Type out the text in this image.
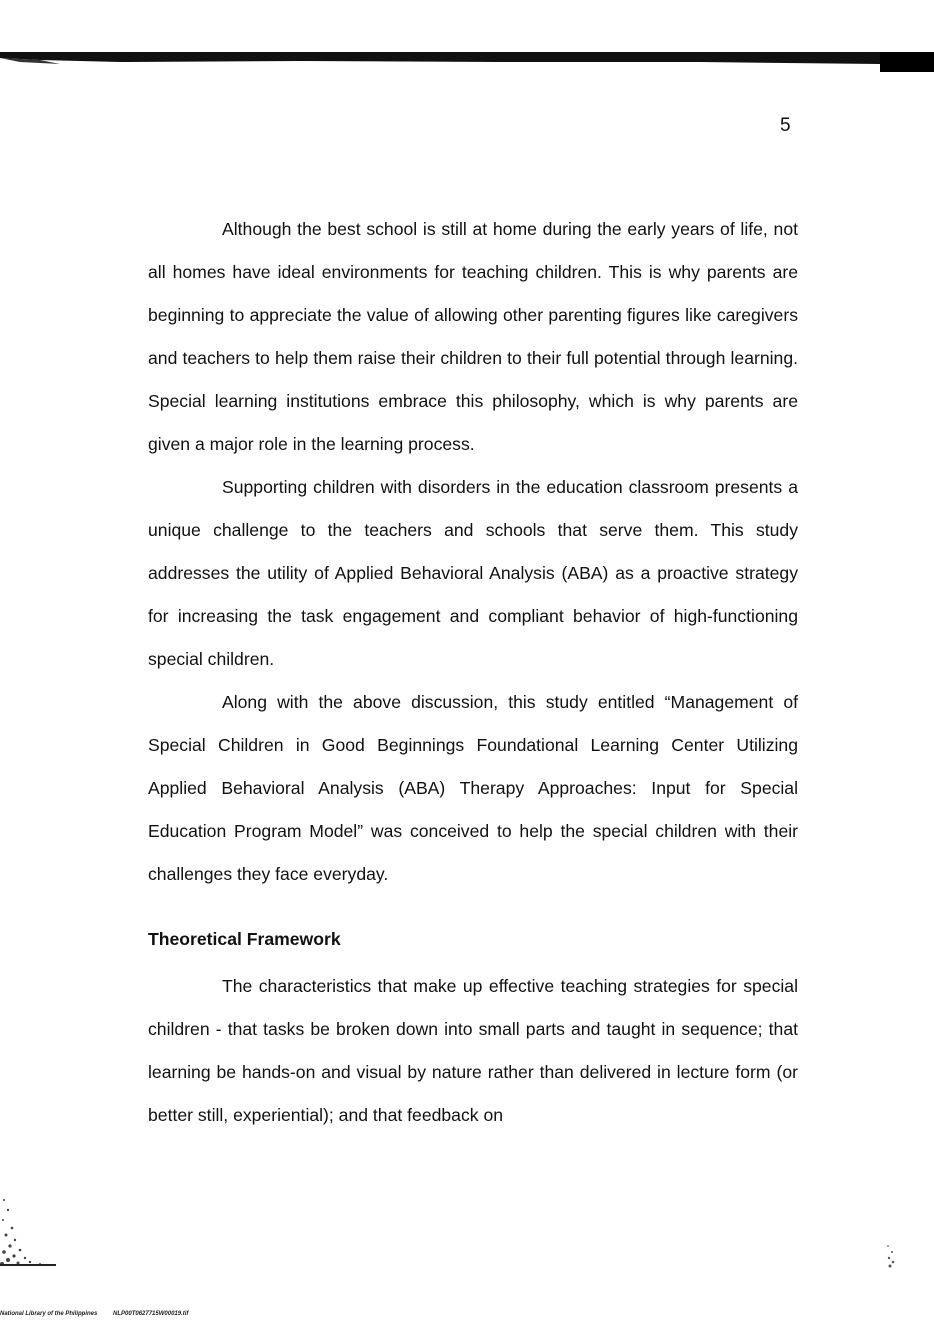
5

Although the best school is still at home during the early years of life, not all homes have ideal environments for teaching children. This is why parents are beginning to appreciate the value of allowing other parenting figures like caregivers and teachers to help them raise their children to their full potential through learning. Special learning institutions embrace this philosophy, which is why parents are given a major role in the learning process.

Supporting children with disorders in the education classroom presents a unique challenge to the teachers and schools that serve them. This study addresses the utility of Applied Behavioral Analysis (ABA) as a proactive strategy for increasing the task engagement and compliant behavior of high-functioning special children.

Along with the above discussion, this study entitled “Management of Special Children in Good Beginnings Foundational Learning Center Utilizing Applied Behavioral Analysis (ABA) Therapy Approaches: Input for Special Education Program Model” was conceived to help the special children with their challenges they face everyday.

Theoretical Framework

The characteristics that make up effective teaching strategies for special children - that tasks be broken down into small parts and taught in sequence; that learning be hands-on and visual by nature rather than delivered in lecture form (or better still, experiential); and that feedback on

National Library of the Philippines	NLP00T0627715W00019.tif
